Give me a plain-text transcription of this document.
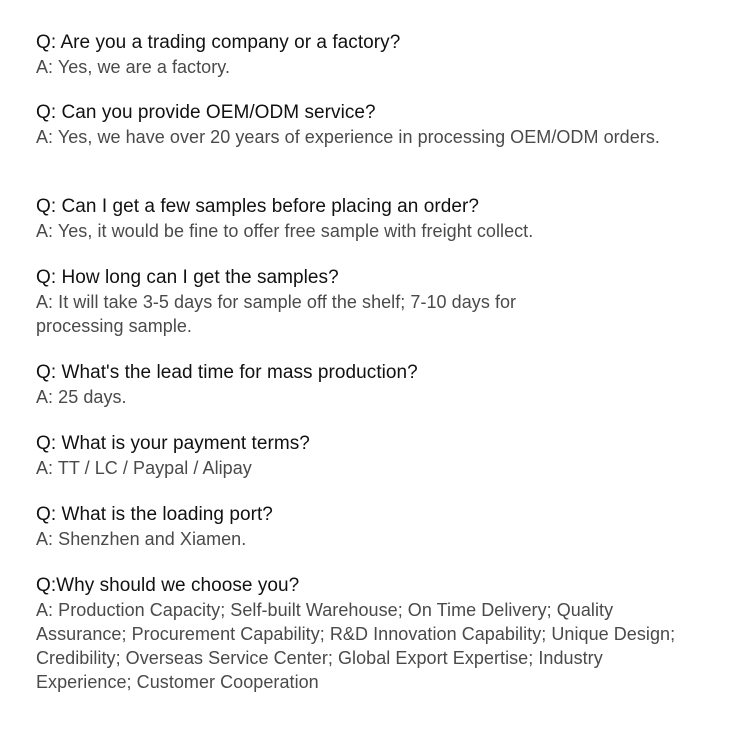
Q: Are you a trading company or a factory?
A: Yes, we are a factory.
Q: Can you provide OEM/ODM service?
A: Yes, we have over 20 years of experience in processing OEM/ODM orders.
Q: Can I get a few samples before placing an order?
A: Yes, it would be fine to offer free sample with freight collect.
Q: How long can I get the samples?
A: It will take 3-5 days for sample off the shelf; 7-10 days for processing sample.
Q: What's the lead time for mass production?
A: 25 days.
Q: What is your payment terms?
A: TT / LC / Paypal / Alipay
Q: What is the loading port?
A: Shenzhen and Xiamen.
Q:Why should we choose you?
A: Production Capacity; Self-built Warehouse; On Time Delivery; Quality Assurance; Procurement Capability; R&D Innovation Capability; Unique Design; Credibility; Overseas Service Center; Global Export Expertise; Industry Experience; Customer Cooperation
